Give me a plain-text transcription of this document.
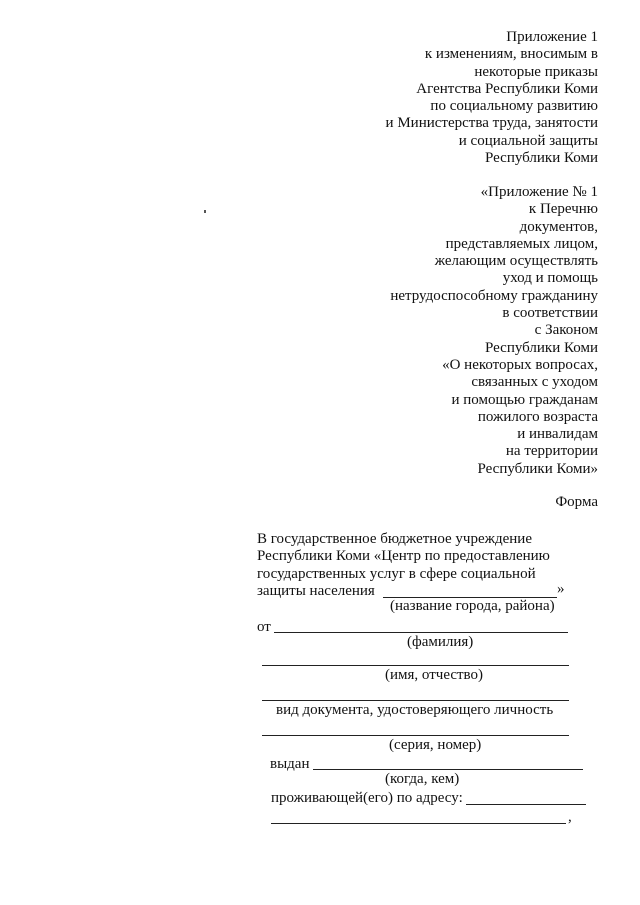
Приложение 1
к изменениям, вносимым в
некоторые приказы
Агентства Республики Коми
по социальному развитию
и Министерства труда, занятости
и социальной защиты
Республики Коми
«Приложение № 1
к Перечню
документов,
представляемых лицом,
желающим осуществлять
уход и помощь
нетрудоспособному гражданину
в соответствии
с Законом
Республики Коми
«О некоторых вопросах,
связанных с уходом
и помощью гражданам
пожилого возраста
и инвалидам
на территории
Республики Коми»
Форма
В государственное бюджетное учреждение
Республики Коми «Центр по предоставлению
государственных услуг в сфере социальной
защиты населения	»
(название города, района)
от
(фамилия)
(имя, отчество)
вид документа, удостоверяющего личность
(серия, номер)
выдан
(когда, кем)
проживающей(его) по адресу:
,
